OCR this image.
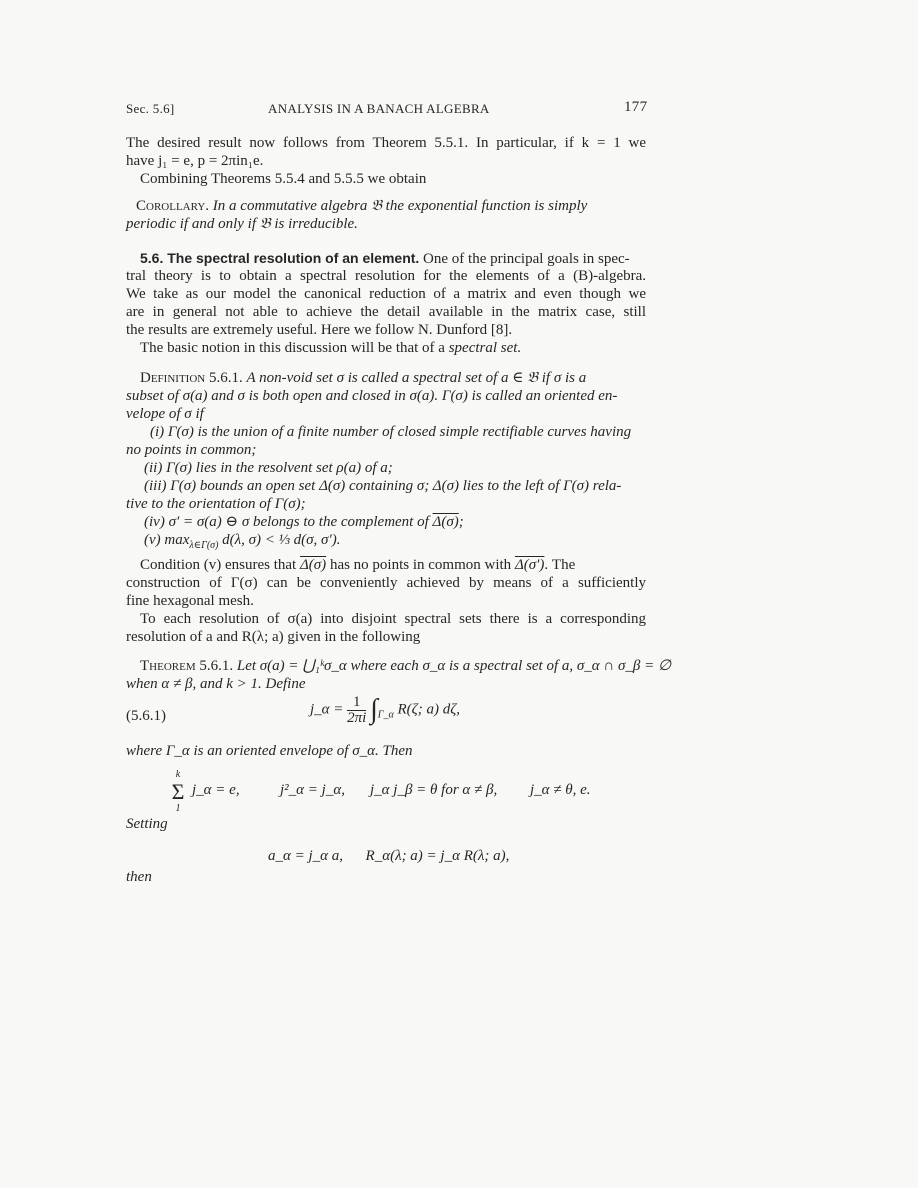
Sec. 5.6]	ANALYSIS IN A BANACH ALGEBRA	177
The desired result now follows from Theorem 5.5.1. In particular, if k = 1 we
have j₁ = e, p = 2πin₁e.
Combining Theorems 5.5.4 and 5.5.5 we obtain
Corollary. In a commutative algebra 𝔅 the exponential function is simply
periodic if and only if 𝔅 is irreducible.
5.6. The spectral resolution of an element. One of the principal goals in spec-
tral theory is to obtain a spectral resolution for the elements of a (B)-algebra.
We take as our model the canonical reduction of a matrix and even though we
are in general not able to achieve the detail available in the matrix case, still
the results are extremely useful. Here we follow N. Dunford [8].
The basic notion in this discussion will be that of a spectral set.
Definition 5.6.1. A non-void set σ is called a spectral set of a ∈ 𝔅 if σ is a
subset of σ(a) and σ is both open and closed in σ(a). Γ(σ) is called an oriented en-
velope of σ if
(i) Γ(σ) is the union of a finite number of closed simple rectifiable curves having
no points in common;
(ii) Γ(σ) lies in the resolvent set ρ(a) of a;
(iii) Γ(σ) bounds an open set Δ(σ) containing σ; Δ(σ) lies to the left of Γ(σ) rela-
tive to the orientation of Γ(σ);
(iv) σ′ = σ(a) ⊖ σ belongs to the complement of Δ(σ);
(v) $\max_{\lambda\in\Gamma(\sigma)} d(\lambda$, σ) < ⅓ d(σ, σ′).
Condition (v) ensures that Δ(σ) has no points in common with Δ(σ′). The
construction of Γ(σ) can be conveniently achieved by means of a sufficiently
fine hexagonal mesh.
To each resolution of σ(a) into disjoint spectral sets there is a corresponding
resolution of a and R(λ; a) given in the following
Theorem 5.6.1. Let σ(a) = ⋃₁ᵏσ_α where each σ_α is a spectral set of a, σ_α ∩ σ_β = ∅
when α ≠ β, and k > 1. Define
(5.6.1)	j_α = $\frac{1}{2\pi i} \int_{\Gamma\_\alpha}$ R(ζ; a) dζ,
where Γ_α is an oriented envelope of σ_α. Then
k
Σ
1
j_α = e,	j²_α = j_α, j_α j_β = θ for α ≠ β, j_α ≠ θ, e.
Setting
a_α = j_α a,      R_α(λ; a) = j_α R(λ; a),
then
